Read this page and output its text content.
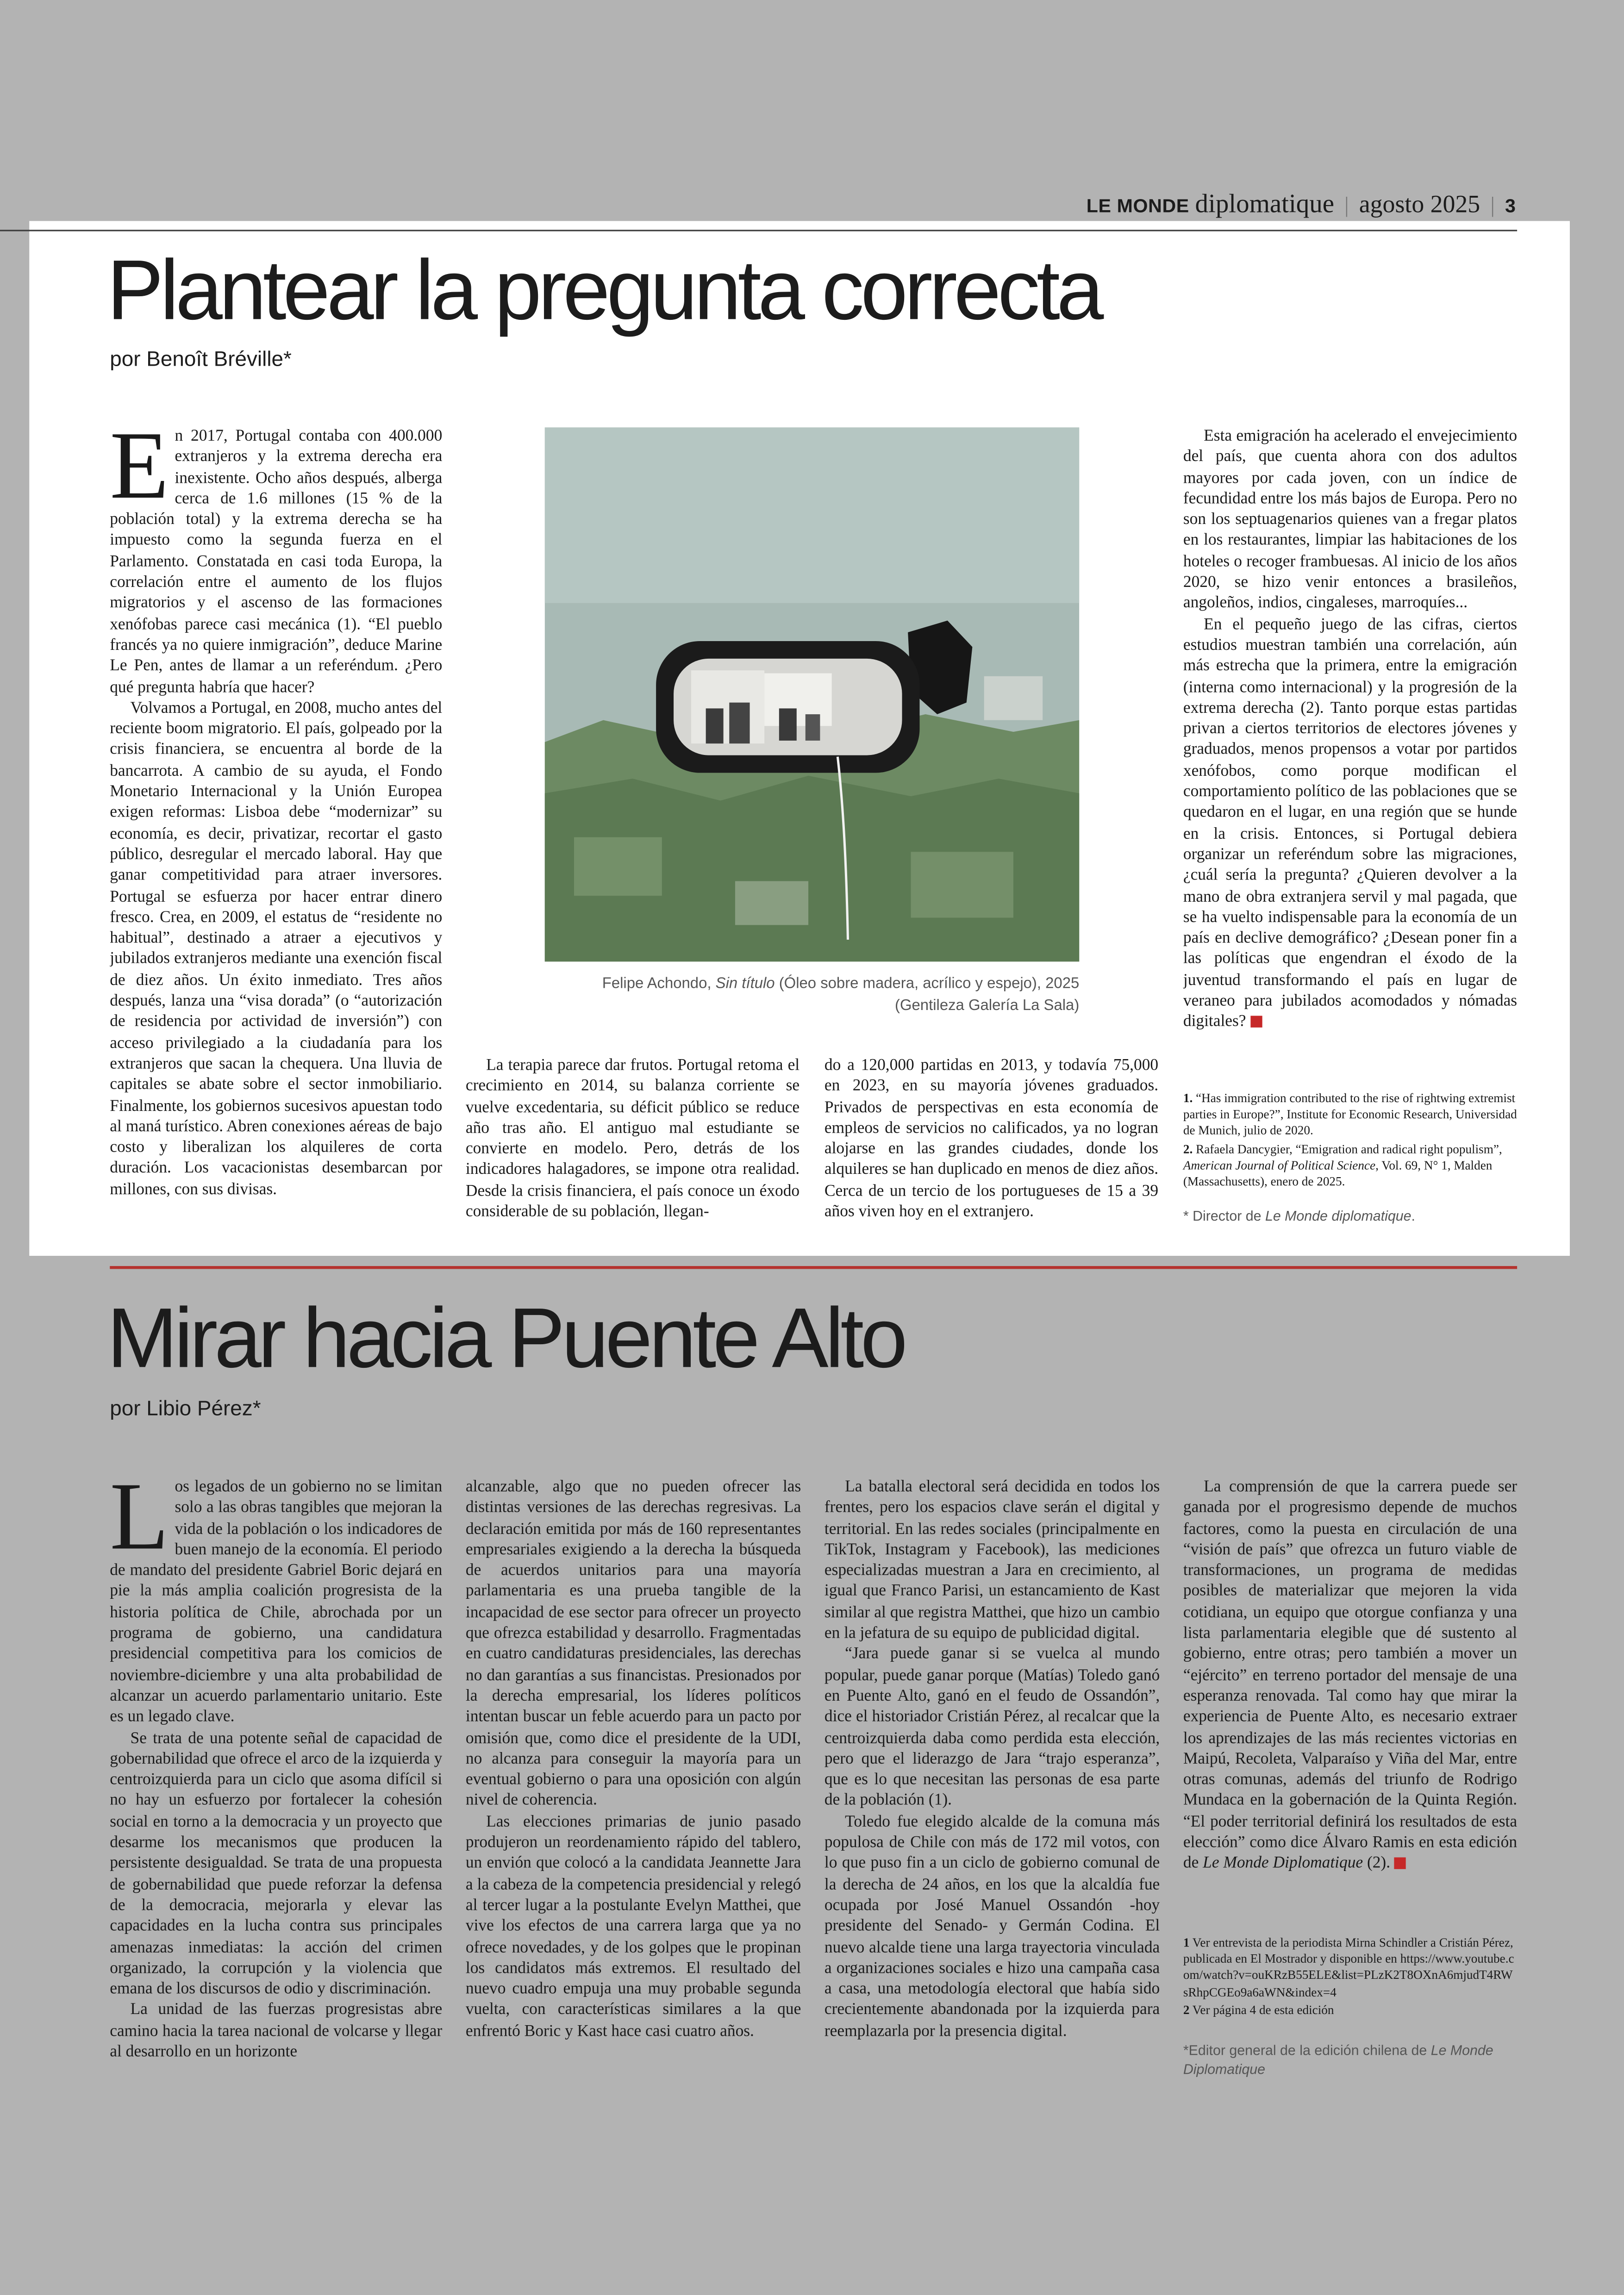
LE MONDE diplomatique | agosto 2025 | 3
Plantear la pregunta correcta
por Benoît Bréville*
E	n 2017, Portugal contaba con 400.000 extranjeros y la extrema derecha era inexistente. Ocho años después, alberga cerca de 1.6 millones (15 % de la población total) y la extrema derecha se ha impuesto como la segunda fuerza en el Parlamento. Constatada en casi toda Europa, la correlación entre el aumento de los flujos migratorios y el ascenso de las formaciones xenófobas parece casi mecánica (1). “El pueblo francés ya no quiere inmigración”, deduce Marine Le Pen, antes de llamar a un referéndum. ¿Pero qué pregunta habría que hacer?

Volvamos a Portugal, en 2008, mucho antes del reciente boom migratorio. El país, golpeado por la crisis financiera, se encuentra al borde de la bancarrota. A cambio de su ayuda, el Fondo Monetario Internacional y la Unión Europea exigen reformas: Lisboa debe “modernizar” su economía, es decir, privatizar, recortar el gasto público, desregular el mercado laboral. Hay que ganar competitividad para atraer inversores. Portugal se esfuerza por hacer entrar dinero fresco. Crea, en 2009, el estatus de “residente no habitual”, destinado a atraer a ejecutivos y jubilados extranjeros mediante una exención fiscal de diez años. Un éxito inmediato. Tres años después, lanza una “visa dorada” (o “autorización de residencia por actividad de inversión”) con acceso privilegiado a la ciudadanía para los extranjeros que sacan la chequera. Una lluvia de capitales se abate sobre el sector inmobiliario. Finalmente, los gobiernos sucesivos apuestan todo al maná turístico. Abren conexiones aéreas de bajo costo y liberalizan los alquileres de corta duración. Los vacacionistas desembarcan por millones, con sus divisas.

Felipe Achondo, Sin título (Óleo sobre madera, acrílico y espejo), 2025
(Gentileza Galería La Sala)

La terapia parece dar frutos. Portugal retoma el crecimiento en 2014, su balanza corriente se vuelve excedentaria, su déficit público se reduce año tras año. El antiguo mal estudiante se convierte en modelo. Pero, detrás de los indicadores halagadores, se impone otra realidad. Desde la crisis financiera, el país conoce un éxodo considerable de su población, llegan-

do a 120,000 partidas en 2013, y todavía 75,000 en 2023, en su mayoría jóvenes graduados. Privados de perspectivas en esta economía de empleos de servicios no calificados, ya no logran alojarse en las grandes ciudades, donde los alquileres se han duplicado en menos de diez años. Cerca de un tercio de los portugueses de 15 a 39 años viven hoy en el extranjero.

Esta emigración ha acelerado el envejecimiento del país, que cuenta ahora con dos adultos mayores por cada joven, con un índice de fecundidad entre los más bajos de Europa. Pero no son los septuagenarios quienes van a fregar platos en los restaurantes, limpiar las habitaciones de los hoteles o recoger frambuesas. Al inicio de los años 2020, se hizo venir entonces a brasileños, angoleños, indios, cingaleses, marroquíes...

En el pequeño juego de las cifras, ciertos estudios muestran también una correlación, aún más estrecha que la primera, entre la emigración (interna como internacional) y la progresión de la extrema derecha (2). Tanto porque estas partidas privan a ciertos territorios de electores jóvenes y graduados, menos propensos a votar por partidos xenófobos, como porque modifican el comportamiento político de las poblaciones que se quedaron en el lugar, en una región que se hunde en la crisis. Entonces, si Portugal debiera organizar un referéndum sobre las migraciones, ¿cuál sería la pregunta? ¿Quieren devolver a la mano de obra extranjera servil y mal pagada, que se ha vuelto indispensable para la economía de un país en declive demográfico? ¿Desean poner fin a las políticas que engendran el éxodo de la juventud transformando el país en lugar de veraneo para jubilados acomodados y nómadas digitales?

1. “Has immigration contributed to the rise of rightwing extremist parties in Europe?”, Institute for Economic Research, Universidad de Munich, julio de 2020.

2. Rafaela Dancygier, “Emigration and radical right populism”, American Journal of Political Science, Vol. 69, N° 1, Malden (Massachusetts), enero de 2025.

* Director de Le Monde diplomatique.
Mirar hacia Puente Alto
por Libio Pérez*
L	os legados de un gobierno no se limitan solo a las obras tangibles que mejoran la vida de la población o los indicadores de buen manejo de la economía. El periodo de mandato del presidente Gabriel Boric dejará en pie la más amplia coalición progresista de la historia política de Chile, abrochada por un programa de gobierno, una candidatura presidencial competitiva para los comicios de noviembre-diciembre y una alta probabilidad de alcanzar un acuerdo parlamentario unitario. Este es un legado clave.

Se trata de una potente señal de capacidad de gobernabilidad que ofrece el arco de la izquierda y centroizquierda para un ciclo que asoma difícil si no hay un esfuerzo por fortalecer la cohesión social en torno a la democracia y un proyecto que desarme los mecanismos que producen la persistente desigualdad. Se trata de una propuesta de gobernabilidad que puede reforzar la defensa de la democracia, mejorarla y elevar las capacidades en la lucha contra sus principales amenazas inmediatas: la acción del crimen organizado, la corrupción y la violencia que emana de los discursos de odio y discriminación.

La unidad de las fuerzas progresistas abre camino hacia la tarea nacional de volcarse y llegar al desarrollo en un horizonte

alcanzable, algo que no pueden ofrecer las distintas versiones de las derechas regresivas. La declaración emitida por más de 160 representantes empresariales exigiendo a la derecha la búsqueda de acuerdos unitarios para una mayoría parlamentaria es una prueba tangible de la incapacidad de ese sector para ofrecer un proyecto que ofrezca estabilidad y desarrollo. Fragmentadas en cuatro candidaturas presidenciales, las derechas no dan garantías a sus financistas. Presionados por la derecha empresarial, los líderes políticos intentan buscar un feble acuerdo para un pacto por omisión que, como dice el presidente de la UDI, no alcanza para conseguir la mayoría para un eventual gobierno o para una oposición con algún nivel de coherencia.

Las elecciones primarias de junio pasado produjeron un reordenamiento rápido del tablero, un envión que colocó a la candidata Jeannette Jara a la cabeza de la competencia presidencial y relegó al tercer lugar a la postulante Evelyn Matthei, que vive los efectos de una carrera larga que ya no ofrece novedades, y de los golpes que le propinan los candidatos más extremos. El resultado del nuevo cuadro empuja una muy probable segunda vuelta, con características similares a la que enfrentó Boric y Kast hace casi cuatro años.

La batalla electoral será decidida en todos los frentes, pero los espacios clave serán el digital y territorial. En las redes sociales (principalmente en TikTok, Instagram y Facebook), las mediciones especializadas muestran a Jara en crecimiento, al igual que Franco Parisi, un estancamiento de Kast similar al que registra Matthei, que hizo un cambio en la jefatura de su equipo de publicidad digital.

“Jara puede ganar si se vuelca al mundo popular, puede ganar porque (Matías) Toledo ganó en Puente Alto, ganó en el feudo de Ossandón”, dice el historiador Cristián Pérez, al recalcar que la centroizquierda daba como perdida esta elección, pero que el liderazgo de Jara “trajo esperanza”, que es lo que necesitan las personas de esa parte de la población (1).

Toledo fue elegido alcalde de la comuna más populosa de Chile con más de 172 mil votos, con lo que puso fin a un ciclo de gobierno comunal de la derecha de 24 años, en los que la alcaldía fue ocupada por José Manuel Ossandón -hoy presidente del Senado- y Germán Codina. El nuevo alcalde tiene una larga trayectoria vinculada a organizaciones sociales e hizo una campaña casa a casa, una metodología electoral que había sido crecientemente abandonada por la izquierda para reemplazarla por la presencia digital.

La comprensión de que la carrera puede ser ganada por el progresismo depende de muchos factores, como la puesta en circulación de una “visión de país” que ofrezca un futuro viable de transformaciones, un programa de medidas posibles de materializar que mejoren la vida cotidiana, un equipo que otorgue confianza y una lista parlamentaria elegible que dé sustento al gobierno, entre otras; pero también a mover un “ejército” en terreno portador del mensaje de una esperanza renovada. Tal como hay que mirar la experiencia de Puente Alto, es necesario extraer los aprendizajes de las más recientes victorias en Maipú, Recoleta, Valparaíso y Viña del Mar, entre otras comunas, además del triunfo de Rodrigo Mundaca en la gobernación de la Quinta Región. “El poder territorial definirá los resultados de esta elección” como dice Álvaro Ramis en esta edición de Le Monde Diplomatique (2).

1 Ver entrevista de la periodista Mirna Schindler a Cristián Pérez, publicada en El Mostrador y disponible en https://www.youtube.com/watch?v=ouKRzB55ELE&list=PLzK2T8OXnA6mjudT4RWsRhpCGEo9a6aWN&index=4

2 Ver página 4 de esta edición

*Editor general de la edición chilena de Le Monde Diplomatique
